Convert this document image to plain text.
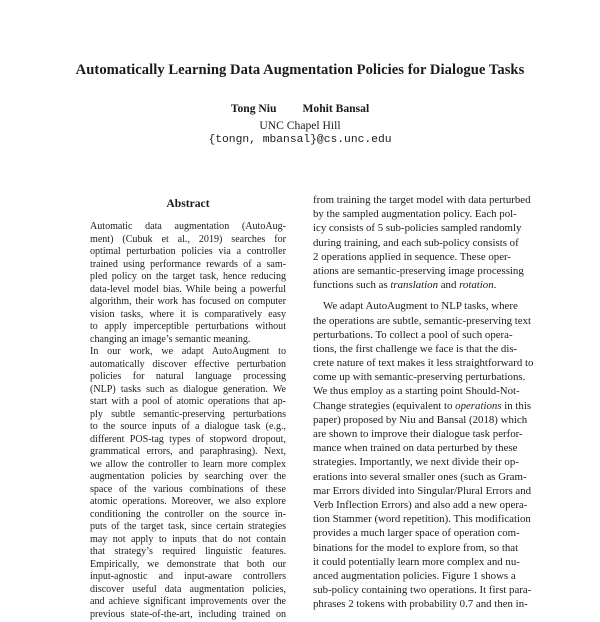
Automatically Learning Data Augmentation Policies for Dialogue Tasks
Tong Niu Mohit Bansal
UNC Chapel Hill
{tongn, mbansal}@cs.unc.edu
Abstract
Automatic data augmentation (AutoAug-
ment) (Cubuk et al., 2019) searches for
optimal perturbation policies via a controller
trained using performance rewards of a sam-
pled policy on the target task, hence reducing
data-level model bias. While being a powerful
algorithm, their work has focused on computer
vision tasks, where it is comparatively easy
to apply imperceptible perturbations without
changing an image’s semantic meaning.
In our work, we adapt AutoAugment to
automatically discover effective perturbation
policies for natural language processing
(NLP) tasks such as dialogue generation. We
start with a pool of atomic operations that ap-
ply subtle semantic-preserving perturbations
to the source inputs of a dialogue task (e.g.,
different POS-tag types of stopword dropout,
grammatical errors, and paraphrasing). Next,
we allow the controller to learn more complex
augmentation policies by searching over the
space of the various combinations of these
atomic operations. Moreover, we also explore
conditioning the controller on the source in-
puts of the target task, since certain strategies
may not apply to inputs that do not contain
that strategy’s required linguistic features.
Empirically, we demonstrate that both our
input-agnostic and input-aware controllers
discover useful data augmentation policies,
and achieve significant improvements over the
previous state-of-the-art, including trained on
from training the target model with data perturbed
by the sampled augmentation policy. Each pol-
icy consists of 5 sub-policies sampled randomly
during training, and each sub-policy consists of
2 operations applied in sequence. These oper-
ations are semantic-preserving image processing
functions such as translation and rotation.
We adapt AutoAugment to NLP tasks, where
the operations are subtle, semantic-preserving text
perturbations. To collect a pool of such opera-
tions, the first challenge we face is that the dis-
crete nature of text makes it less straightforward to
come up with semantic-preserving perturbations.
We thus employ as a starting point Should-Not-
Change strategies (equivalent to operations in this
paper) proposed by Niu and Bansal (2018) which
are shown to improve their dialogue task perfor-
mance when trained on data perturbed by these
strategies. Importantly, we next divide their op-
erations into several smaller ones (such as Gram-
mar Errors divided into Singular/Plural Errors and
Verb Inflection Errors) and also add a new opera-
tion Stammer (word repetition). This modification
provides a much larger space of operation com-
binations for the model to explore from, so that
it could potentially learn more complex and nu-
anced augmentation policies. Figure 1 shows a
sub-policy containing two operations. It first para-
phrases 2 tokens with probability 0.7 and then in-
